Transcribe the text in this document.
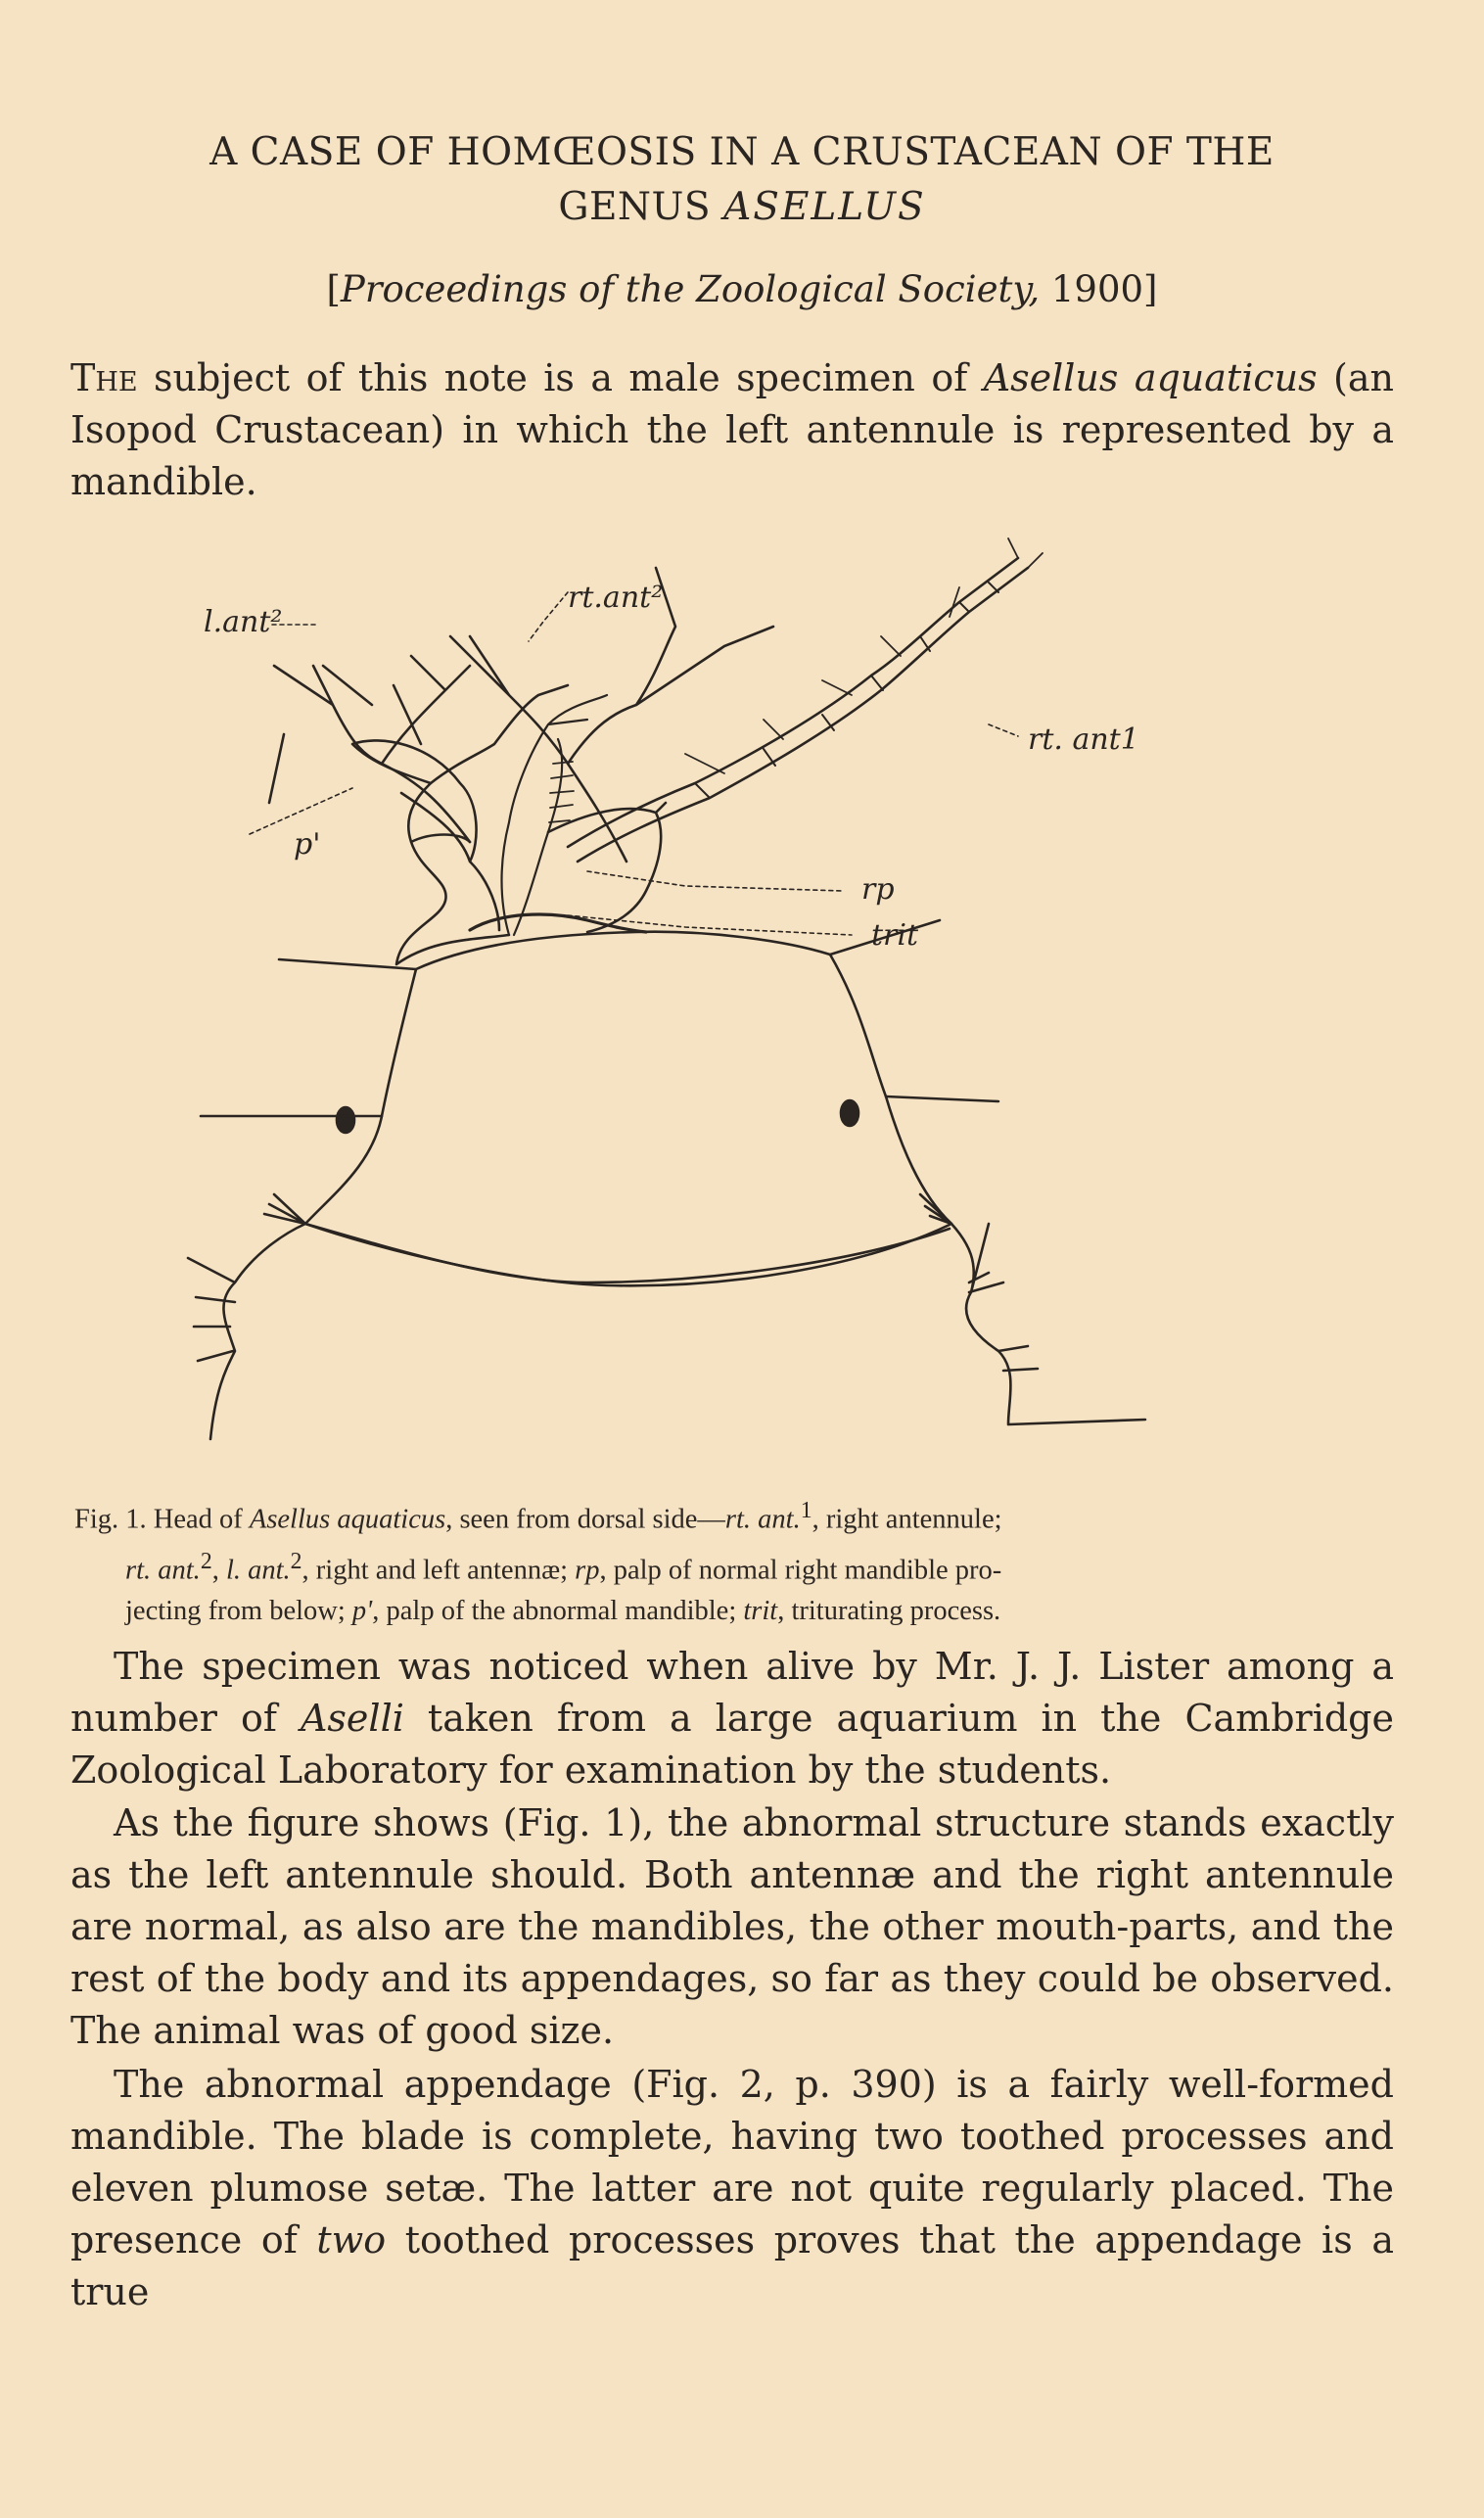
A CASE OF HOMŒOSIS IN A CRUSTACEAN OF THE
GENUS ASELLUS
[Proceedings of the Zoological Society, 1900]
The subject of this note is a male specimen of Asellus aquaticus (an Isopod Crustacean) in which the left antennule is represented by a mandible.
l.ant²
rt.ant²
rt. ant1
p'
rp
trit
Fig. 1. Head of Asellus aquaticus, seen from dorsal side—rt. ant.$^1$, right antennule;
rt. ant.$^2$, l. ant.$^2$, right and left antennæ; rp, palp of normal right mandible pro-
jecting from below; p', palp of the abnormal mandible; trit, triturating process.
The specimen was noticed when alive by Mr. J. J. Lister among a number of Aselli taken from a large aquarium in the Cambridge Zoological Laboratory for examination by the students.
As the figure shows (Fig. 1), the abnormal structure stands exactly as the left antennule should. Both antennæ and the right antennule are normal, as also are the mandibles, the other mouth-parts, and the rest of the body and its appendages, so far as they could be observed. The animal was of good size.
The abnormal appendage (Fig. 2, p. 390) is a fairly well-formed mandible. The blade is complete, having two toothed processes and eleven plumose setæ. The latter are not quite regularly placed. The presence of two toothed processes proves that the appendage is a true
